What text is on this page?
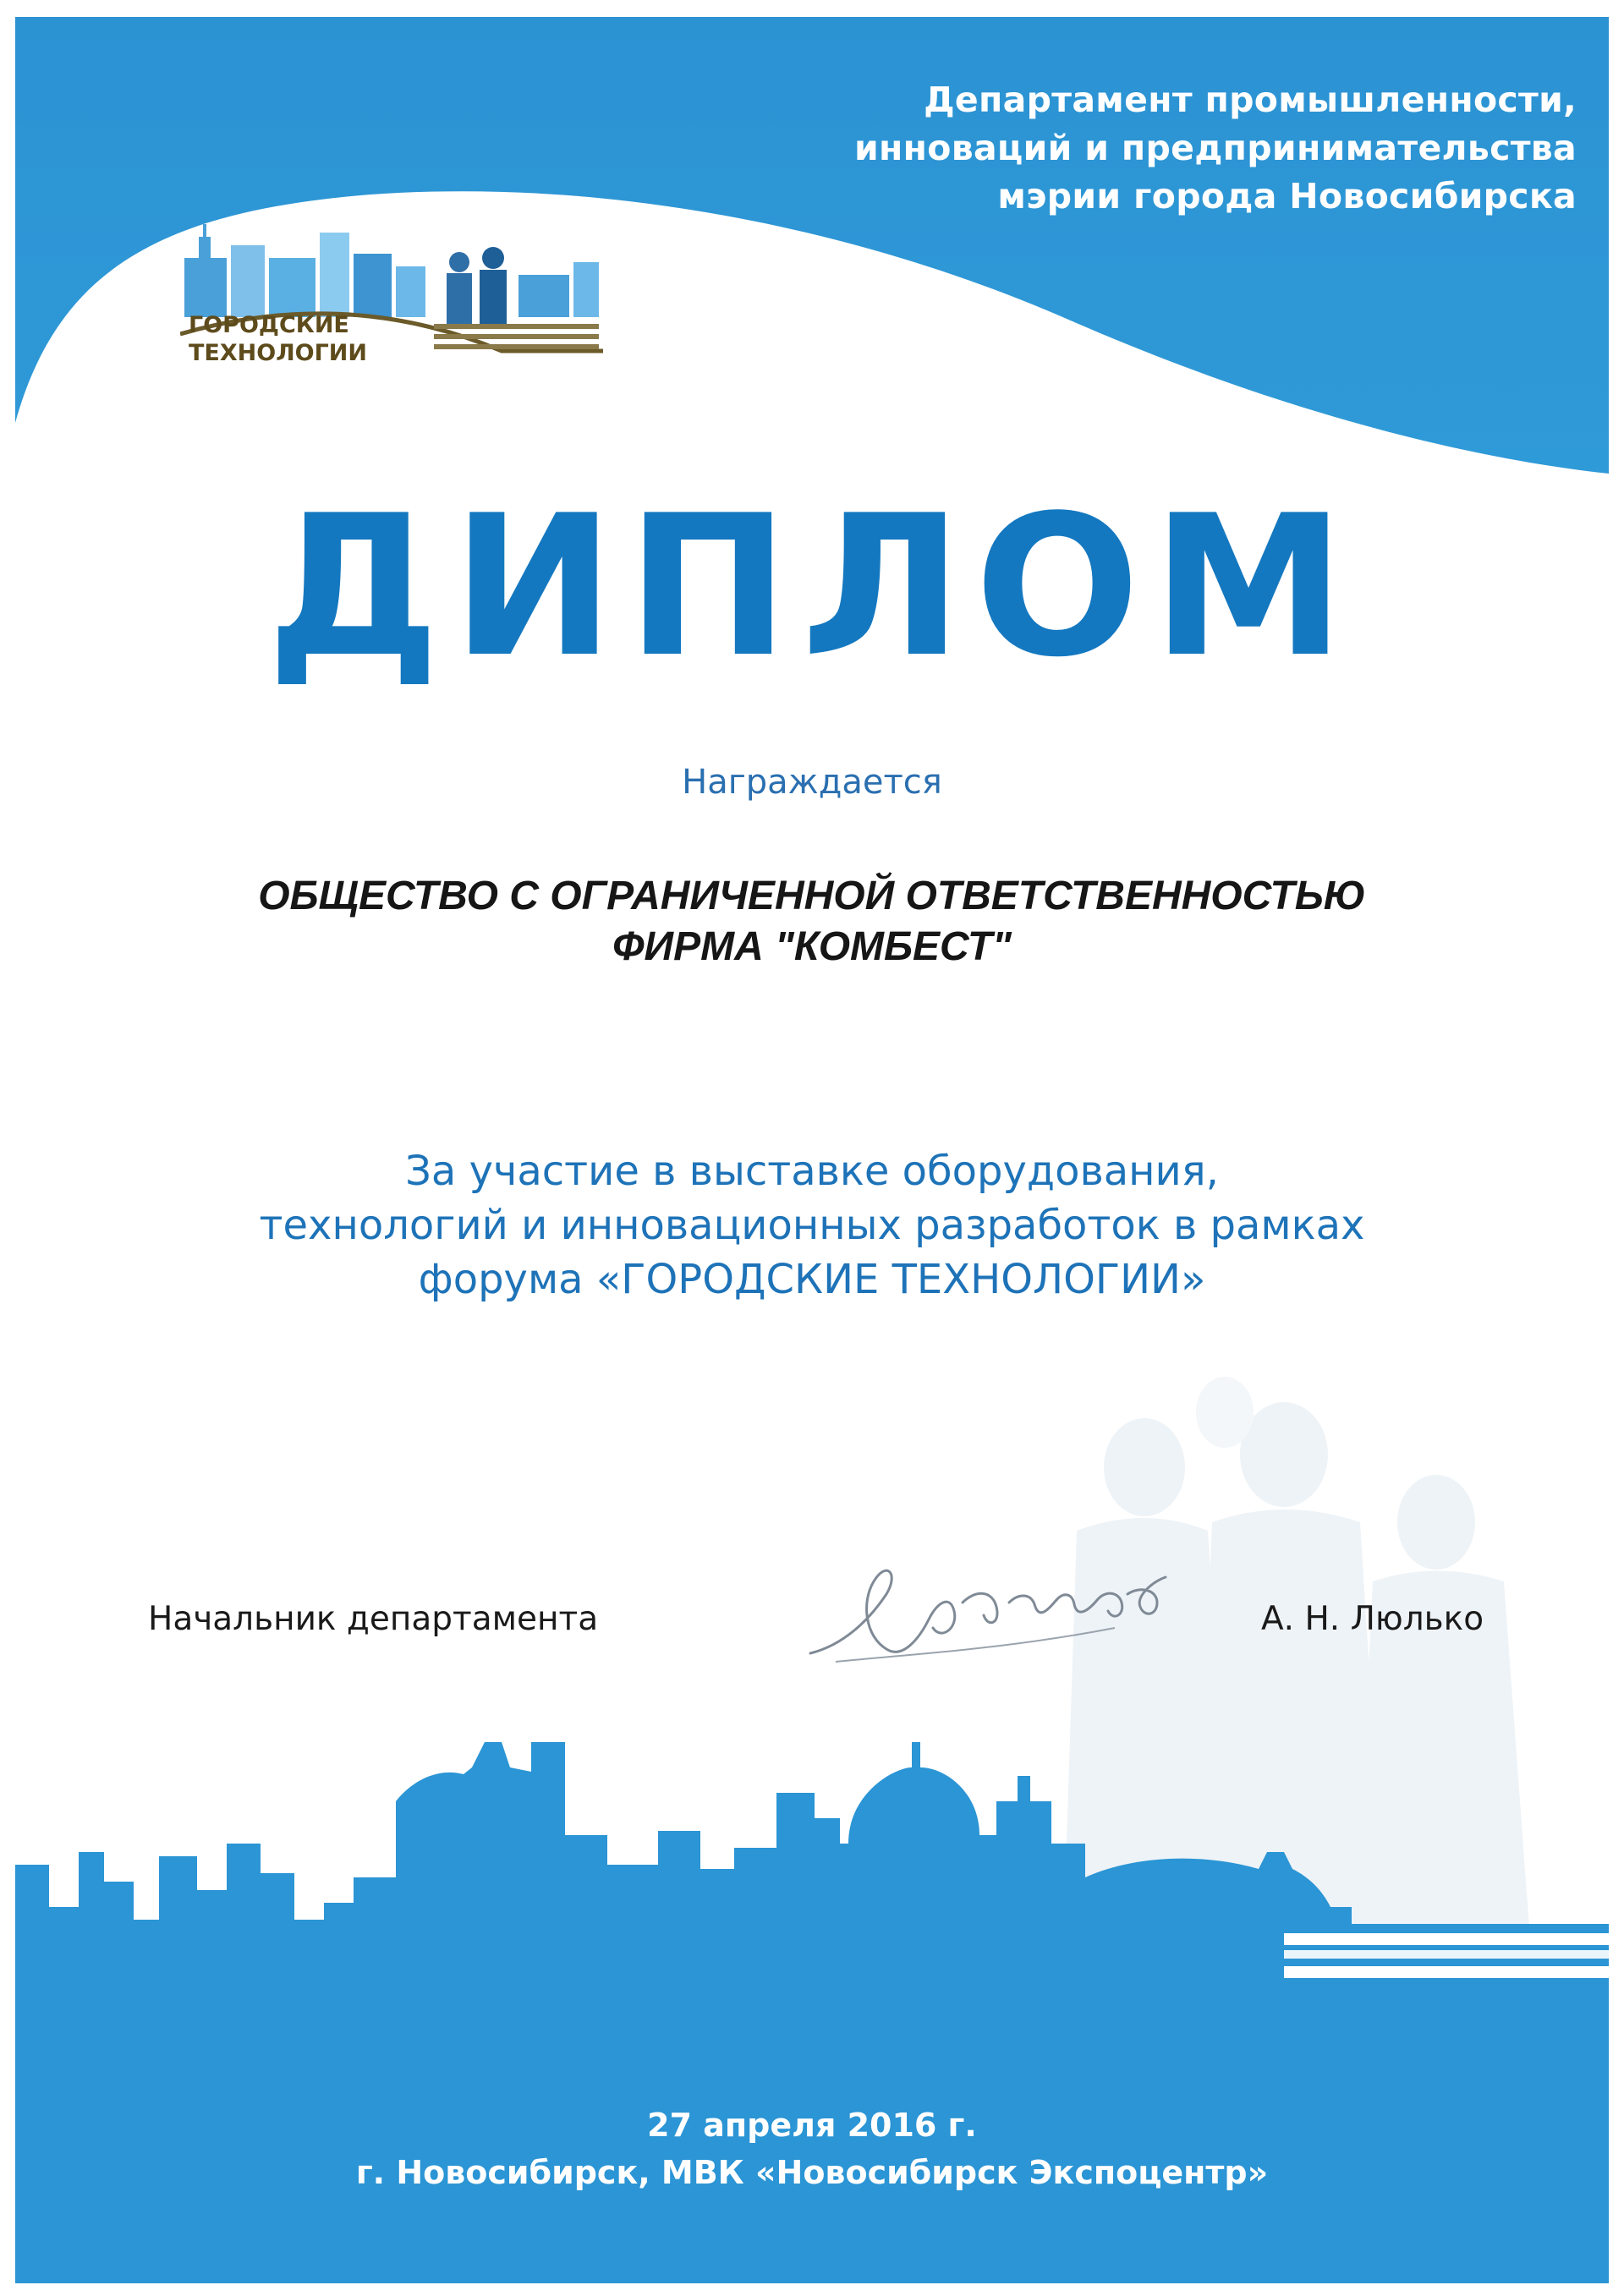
ГОРОДСКИЕ
ТЕХНОЛОГИИ
Департамент промышленности,
инноваций и предпринимательства
мэрии города Новосибирска
ДИПЛОМ
Награждается
ОБЩЕСТВО С ОГРАНИЧЕННОЙ ОТВЕТСТВЕННОСТЬЮ
ФИРМА "КОМБЕСТ"
За участие в выставке оборудования,
технологий и инновационных разработок в рамках
форума «ГОРОДСКИЕ ТЕХНОЛОГИИ»
Начальник департамента	А. Н. Люлько
27 апреля 2016 г.
г. Новосибирск, МВК «Новосибирск Экспоцентр»
